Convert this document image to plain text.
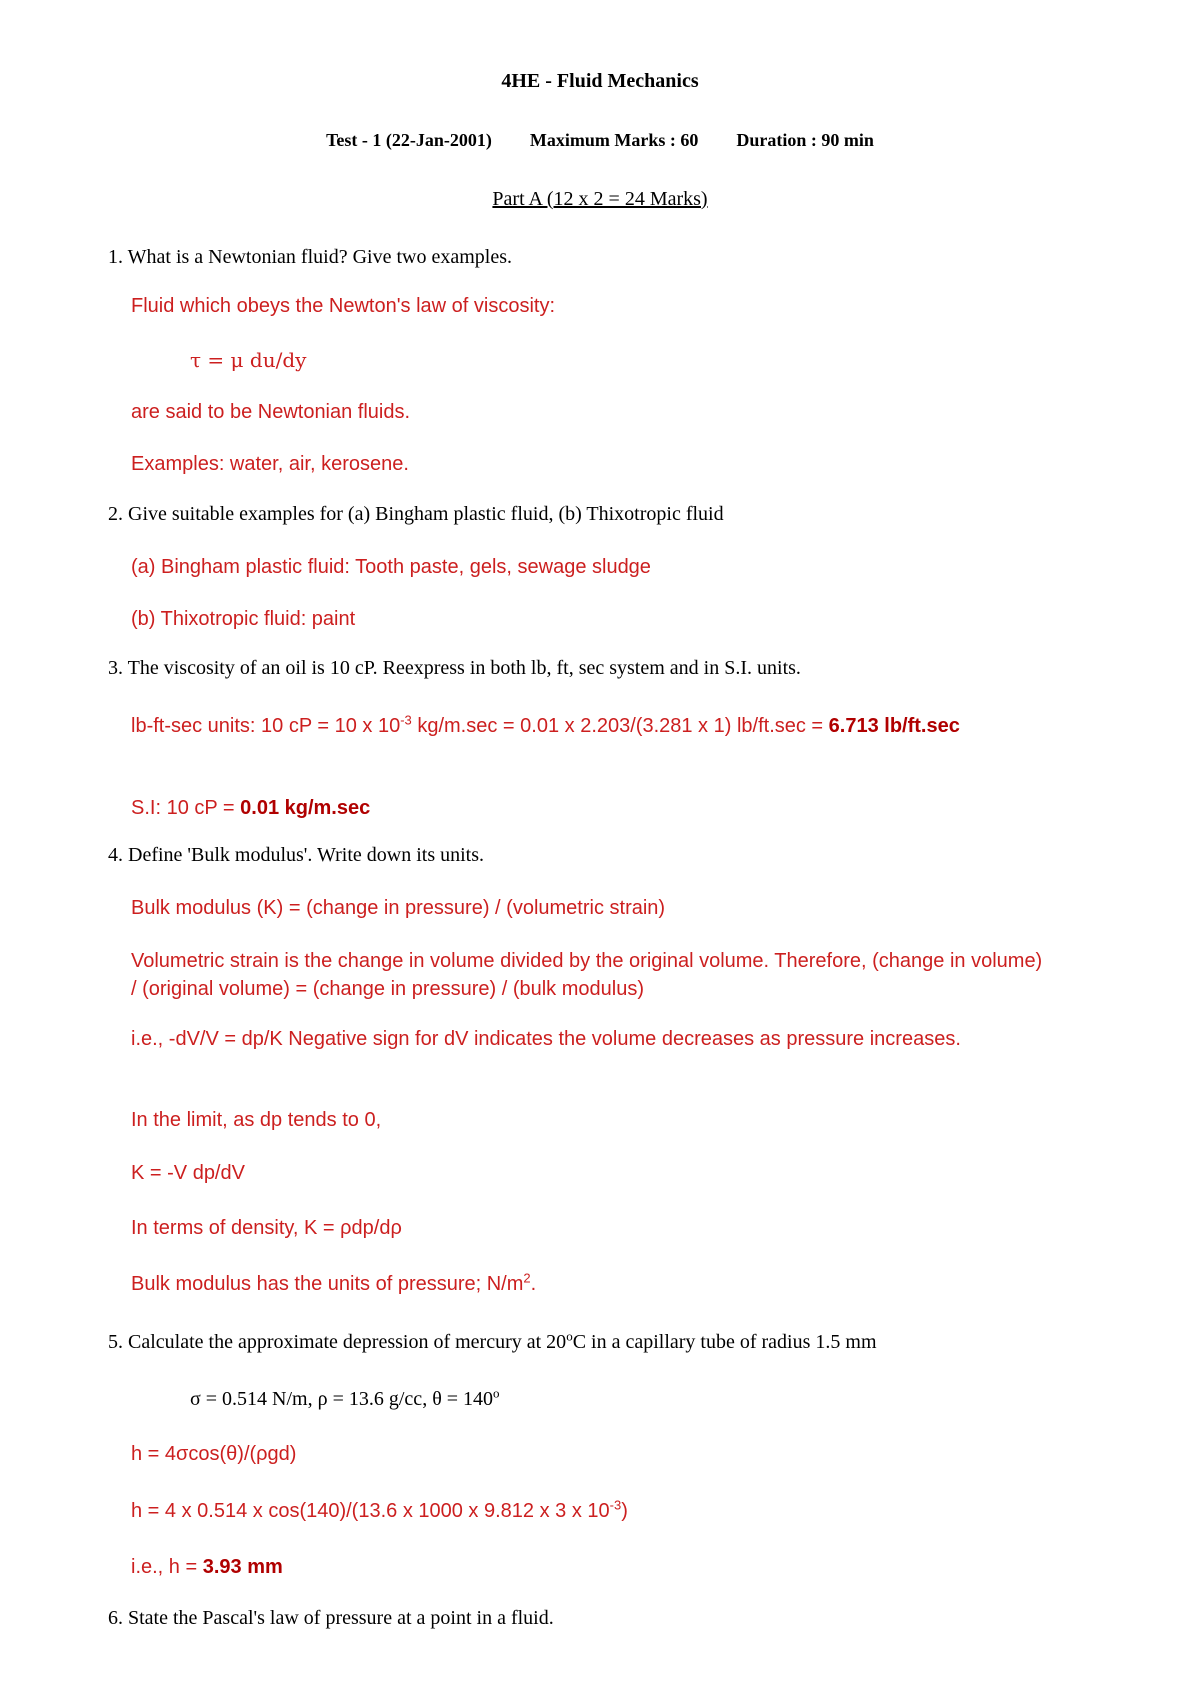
4HE - Fluid Mechanics
Test - 1 (22-Jan-2001) Maximum Marks : 60 Duration : 90 min
Part A (12 x 2 = 24 Marks)
1. What is a Newtonian fluid? Give two examples.
Fluid which obeys the Newton's law of viscosity:
τ = μ du/dy
are said to be Newtonian fluids.
Examples: water, air, kerosene.
2. Give suitable examples for (a) Bingham plastic fluid, (b) Thixotropic fluid
(a) Bingham plastic fluid: Tooth paste, gels, sewage sludge
(b) Thixotropic fluid: paint
3. The viscosity of an oil is 10 cP. Reexpress in both lb, ft, sec system and in S.I. units.
lb-ft-sec units: 10 cP = 10 x $10^{-3}$ kg/m.sec = 0.01 x 2.203/(3.281 x 1) lb/ft.sec = 6.713 lb/ft.sec
S.I: 10 cP = 0.01 kg/m.sec
4. Define 'Bulk modulus'. Write down its units.
Bulk modulus (K) = (change in pressure) / (volumetric strain)
Volumetric strain is the change in volume divided by the original volume. Therefore, (change in volume) / (original volume) = (change in pressure) / (bulk modulus)
i.e., -dV/V = dp/K Negative sign for dV indicates the volume decreases as pressure increases.
In the limit, as dp tends to 0,
K = -V dp/dV
In terms of density, K = ρdp/dρ
Bulk modulus has the units of pressure; $N/m^2$.
5. Calculate the approximate depression of mercury at 20$^o$C in a capillary tube of radius 1.5 mm
σ = 0.514 N/m, ρ = 13.6 g/cc, $\theta = 140^o$
h = 4σcos(θ)/(ρgd)
h = 4 x 0.514 x cos(140)/(13.6 x 1000 x 9.812 x 3 x $10^{-3}$)
i.e., h = 3.93 mm
6. State the Pascal's law of pressure at a point in a fluid.
